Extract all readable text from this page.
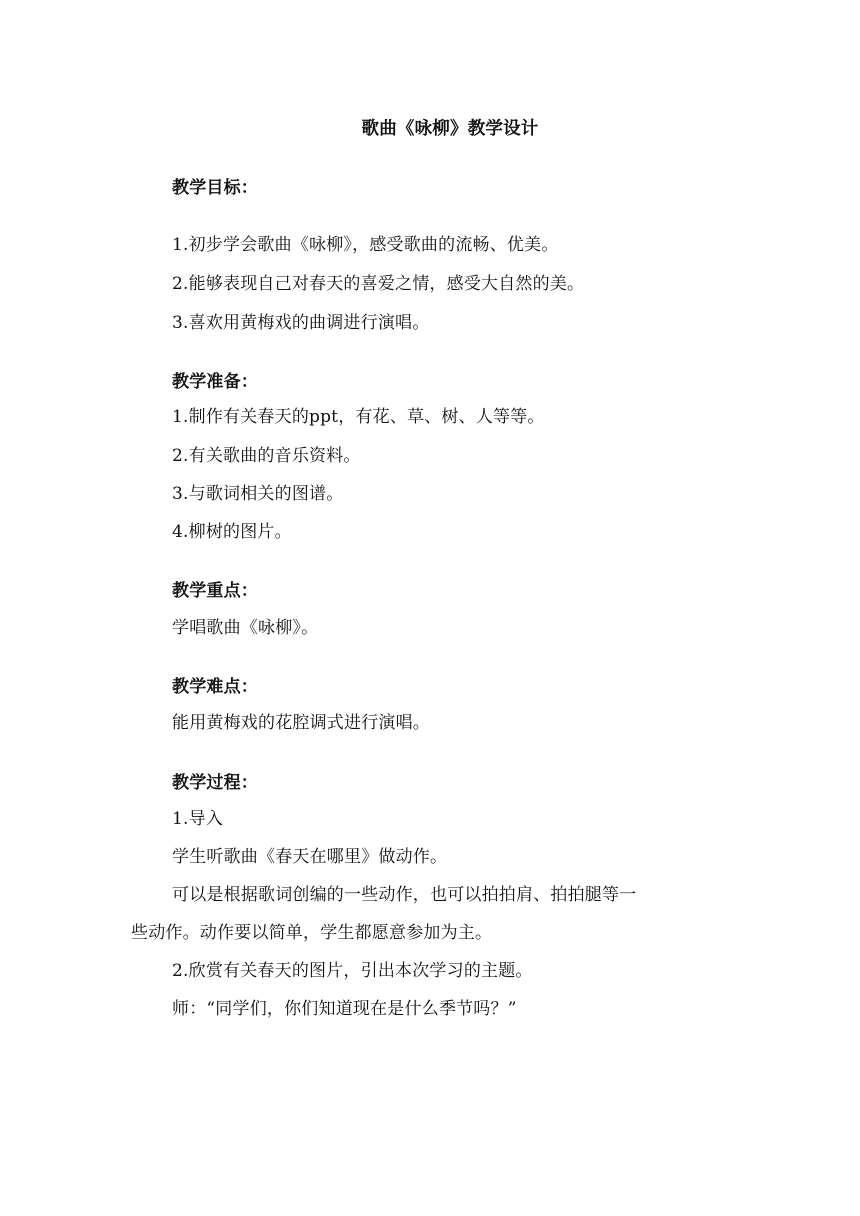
歌曲《咏柳》教学设计
教学目标：
1.初步学会歌曲《咏柳》，感受歌曲的流畅、优美。
2.能够表现自己对春天的喜爱之情，感受大自然的美。
3.喜欢用黄梅戏的曲调进行演唱。
教学准备：
1.制作有关春天的ppt，有花、草、树、人等等。
2.有关歌曲的音乐资料。
3.与歌词相关的图谱。
4.柳树的图片。
教学重点：
学唱歌曲《咏柳》。
教学难点：
能用黄梅戏的花腔调式进行演唱。
教学过程：
1.导入
学生听歌曲《春天在哪里》做动作。
可以是根据歌词创编的一些动作，也可以拍拍肩、拍拍腿等一
些动作。动作要以简单，学生都愿意参加为主。
2.欣赏有关春天的图片，引出本次学习的主题。
师：“同学们，你们知道现在是什么季节吗？”
